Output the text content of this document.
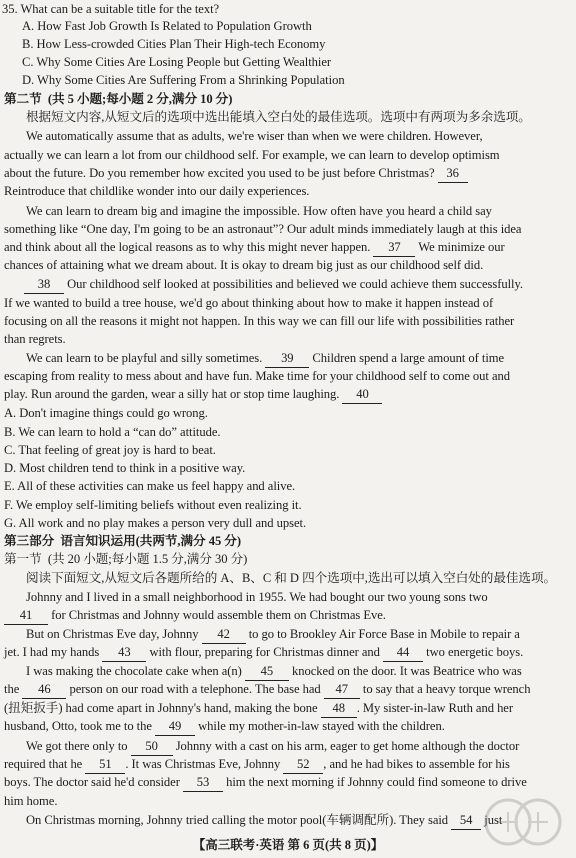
35. What can be a suitable title for the text?
A. How Fast Job Growth Is Related to Population Growth
B. How Less-crowded Cities Plan Their High-tech Economy
C. Why Some Cities Are Losing People but Getting Wealthier
D. Why Some Cities Are Suffering From a Shrinking Population
第二节  (共 5 小题;每小题 2 分,满分 10 分)
根据短文内容,从短文后的选项中选出能填入空白处的最佳选项。选项中有两项为多余选项。
We automatically assume that as adults, we're wiser than when we were children. However,
actually we can learn a lot from our childhood self. For example, we can learn to develop optimism
about the future. Do you remember how excited you used to be just before Christmas? 36
Reintroduce that childlike wonder into our daily experiences.
We can learn to dream big and imagine the impossible. How often have you heard a child say
something like “One day, I'm going to be an astronaut”? Our adult minds immediately laugh at this idea
and think about all the logical reasons as to why this might never happen. 37 We minimize our
chances of attaining what we dream about. It is okay to dream big just as our childhood self did.
38 Our childhood self looked at possibilities and believed we could achieve them successfully.
If we wanted to build a tree house, we'd go about thinking about how to make it happen instead of
focusing on all the reasons it might not happen. In this way we can fill our life with possibilities rather
than regrets.
We can learn to be playful and silly sometimes. 39 Children spend a large amount of time
escaping from reality to mess about and have fun. Make time for your childhood self to come out and
play. Run around the garden, wear a silly hat or stop time laughing. 40
A. Don't imagine things could go wrong.
B. We can learn to hold a “can do” attitude.
C. That feeling of great joy is hard to beat.
D. Most children tend to think in a positive way.
E. All of these activities can make us feel happy and alive.
F. We employ self-limiting beliefs without even realizing it.
G. All work and no play makes a person very dull and upset.
第三部分  语言知识运用(共两节,满分 45 分)
第一节  (共 20 小题;每小题 1.5 分,满分 30 分)
阅读下面短文,从短文后各题所给的 A、B、C 和 D 四个选项中,选出可以填入空白处的最佳选项。
Johnny and I lived in a small neighborhood in 1955. We had bought our two young sons two
41 for Christmas and Johnny would assemble them on Christmas Eve.
But on Christmas Eve day, Johnny 42 to go to Brookley Air Force Base in Mobile to repair a
jet. I had my hands 43 with flour, preparing for Christmas dinner and 44 two energetic boys.
I was making the chocolate cake when a(n) 45 knocked on the door. It was Beatrice who was
the 46 person on our road with a telephone. The base had 47 to say that a heavy torque wrench
(扭矩扳手) had come apart in Johnny's hand, making the bone 48 . My sister-in-law Ruth and her
husband, Otto, took me to the 49 while my mother-in-law stayed with the children.
We got there only to 50 Johnny with a cast on his arm, eager to get home although the doctor
required that he 51 . It was Christmas Eve, Johnny 52 , and he had bikes to assemble for his
boys. The doctor said he'd consider 53 him the next morning if Johnny could find someone to drive
him home.
On Christmas morning, Johnny tried calling the motor pool(车辆调配所). They said 54 just
【高三联考·英语 第 6 页(共 8 页)】
